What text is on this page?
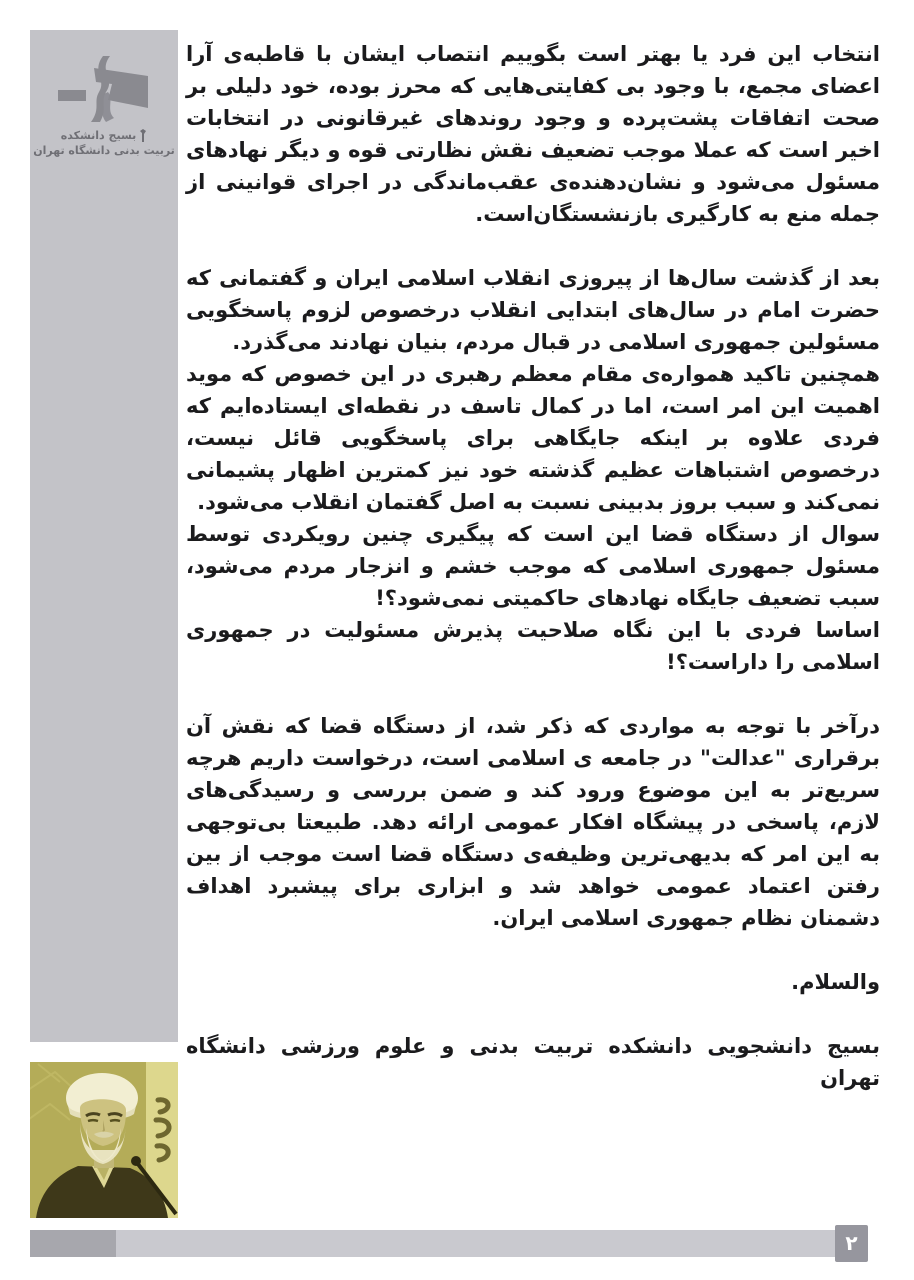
بسیج دانشکده
تربیت بدنی دانشگاه تهران

انتخاب این فرد یا بهتر است بگوییم انتصاب ایشان با قاطبه‌ی آرا اعضای مجمع، با وجود بی کفایتی‌هایی که محرز بوده، خود دلیلی بر صحت اتفاقات پشت‌پرده و وجود روندهای غیرقانونی در انتخابات اخیر است که عملا موجب تضعیف نقش نظارتی قوه و دیگر نهادهای مسئول می‌شود و نشان‌دهنده‌ی عقب‌ماندگی در اجرای قوانینی از جمله منع به کارگیری بازنشستگان‌است.

بعد از گذشت سال‌ها از پیروزی انقلاب اسلامی ایران و گفتمانی که حضرت امام در سال‌های ابتدایی انقلاب درخصوص لزوم پاسخگویی مسئولین جمهوری اسلامی در قبال مردم، بنیان نهادند می‌گذرد.

همچنین تاکید همواره‌ی مقام معظم رهبری در این خصوص که موید اهمیت این امر است، اما در کمال تاسف در نقطه‌ای ایستاده‌ایم که فردی علاوه بر اینکه جایگاهی برای پاسخگویی قائل نیست، درخصوص اشتباهات عظیم گذشته خود نیز کمترین اظهار پشیمانی نمی‌کند و سبب بروز بدبینی نسبت به اصل گفتمان انقلاب می‌شود.

سوال از دستگاه قضا این است که پیگیری چنین رویکردی توسط مسئول جمهوری اسلامی که موجب خشم و انزجار مردم می‌شود، سبب تضعیف جایگاه نهادهای حاکمیتی نمی‌شود؟!

اساسا فردی با این نگاه صلاحیت پذیرش مسئولیت در جمهوری اسلامی را داراست؟!

درآخر با توجه به مواردی که ذکر شد، از دستگاه قضا که نقش آن برقراری "عدالت" در جامعه ی اسلامی است، درخواست داریم هرچه سریع‌تر به این موضوع ورود کند و ضمن بررسی و رسیدگی‌های لازم، پاسخی در پیشگاه افکار عمومی ارائه دهد. طبیعتا بی‌توجهی به این امر که بدیهی‌ترین وظیفه‌ی دستگاه قضا است موجب از بین رفتن اعتماد عمومی خواهد شد و ابزاری برای پیشبرد اهداف دشمنان نظام جمهوری اسلامی ایران.

والسلام.

بسیج دانشجویی دانشکده تربیت بدنی و علوم ورزشی دانشگاه تهران

۲
